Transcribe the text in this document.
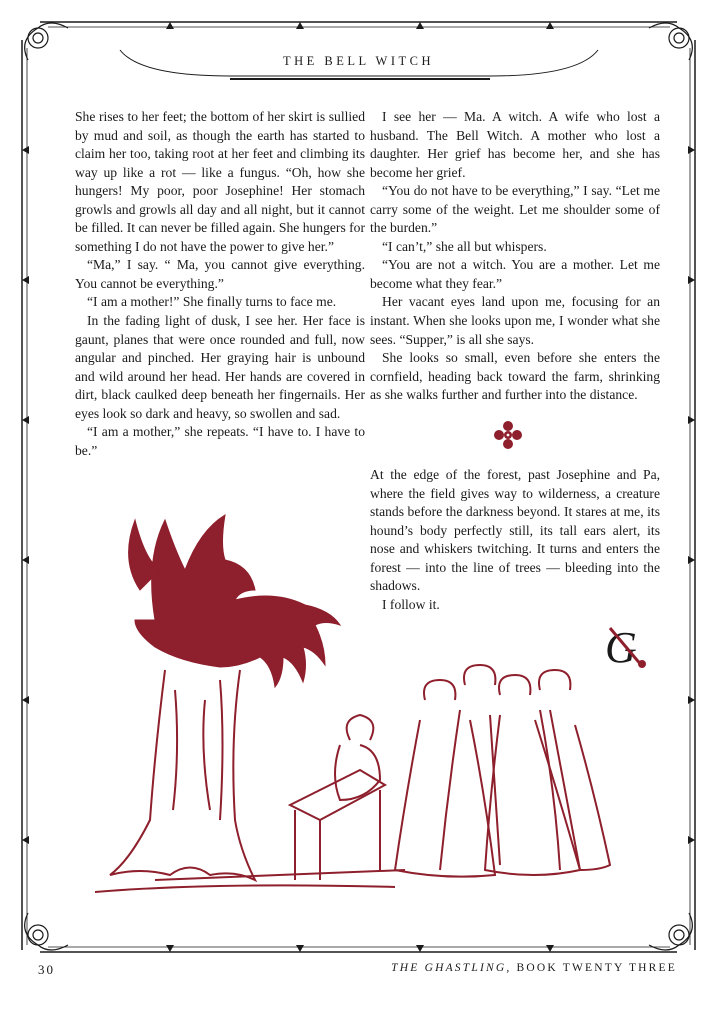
THE BELL WITCH

She rises to her feet; the bottom of her skirt is sullied by mud and soil, as though the earth has started to claim her too, taking root at her feet and climbing its way up like a rot — like a fungus. “Oh, how she hungers! My poor, poor Josephine! Her stomach growls and growls all day and all night, but it cannot be filled. It can never be filled again. She hungers for something I do not have the power to give her.”

“Ma,” I say. “ Ma, you cannot give everything. You cannot be everything.”

“I am a mother!” She finally turns to face me.

In the fading light of dusk, I see her. Her face is gaunt, planes that were once rounded and full, now angular and pinched. Her graying hair is unbound and wild around her head. Her hands are covered in dirt, black caulked deep beneath her fingernails. Her eyes look so dark and heavy, so swollen and sad.

“I am a mother,” she repeats. “I have to. I have to be.”

I see her — Ma. A witch. A wife who lost a husband. The Bell Witch. A mother who lost a daughter. Her grief has become her, and she has become her grief.

“You do not have to be everything,” I say. “Let me carry some of the weight. Let me shoulder some of the burden.”

“I can’t,” she all but whispers.

“You are not a witch. You are a mother. Let me become what they fear.”

Her vacant eyes land upon me, focusing for an instant. When she looks upon me, I wonder what she sees. “Supper,” is all she says.

She looks so small, even before she enters the cornfield, heading back toward the farm, shrinking as she walks further and further into the distance.

At the edge of the forest, past Josephine and Pa, where the field gives way to wilderness, a creature stands before the darkness beyond. It stares at me, its hound’s body perfectly still, its tall ears alert, its nose and whiskers twitching. It turns and enters the forest — into the line of trees — bleeding into the shadows.

I follow it.

G
30	THE GHASTLING, BOOK TWENTY THREE
